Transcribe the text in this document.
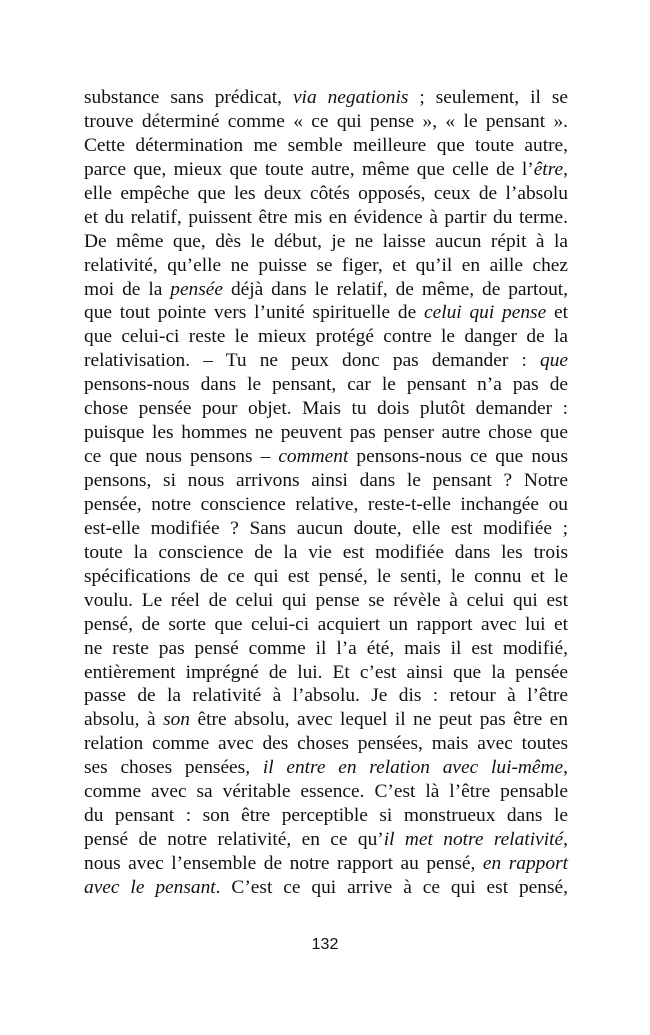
substance sans prédicat, via negationis ; seulement, il se
trouve déterminé comme « ce qui pense », « le pensant ».
Cette détermination me semble meilleure que toute autre,
parce que, mieux que toute autre, même que celle de l’être,
elle empêche que les deux côtés opposés, ceux de l’absolu
et du relatif, puissent être mis en évidence à partir du terme.
De même que, dès le début, je ne laisse aucun répit à la
relativité, qu’elle ne puisse se figer, et qu’il en aille chez
moi de la pensée déjà dans le relatif, de même, de partout,
que tout pointe vers l’unité spirituelle de celui qui pense et
que celui-ci reste le mieux protégé contre le danger de la
relativisation. – Tu ne peux donc pas demander : que
pensons-nous dans le pensant, car le pensant n’a pas de
chose pensée pour objet. Mais tu dois plutôt demander :
puisque les hommes ne peuvent pas penser autre chose que
ce que nous pensons – comment pensons-nous ce que nous
pensons, si nous arrivons ainsi dans le pensant ? Notre
pensée, notre conscience relative, reste-t-elle inchangée ou
est-elle modifiée ? Sans aucun doute, elle est modifiée ;
toute la conscience de la vie est modifiée dans les trois
spécifications de ce qui est pensé, le senti, le connu et le
voulu. Le réel de celui qui pense se révèle à celui qui est
pensé, de sorte que celui-ci acquiert un rapport avec lui et
ne reste pas pensé comme il l’a été, mais il est modifié,
entièrement imprégné de lui. Et c’est ainsi que la pensée
passe de la relativité à l’absolu. Je dis : retour à l’être
absolu, à son être absolu, avec lequel il ne peut pas être en
relation comme avec des choses pensées, mais avec toutes
ses choses pensées, il entre en relation avec lui-même,
comme avec sa véritable essence. C’est là l’être pensable
du pensant : son être perceptible si monstrueux dans le
pensé de notre relativité, en ce qu’il met notre relativité,
nous avec l’ensemble de notre rapport au pensé, en rapport
avec le pensant. C’est ce qui arrive à ce qui est pensé,
132
